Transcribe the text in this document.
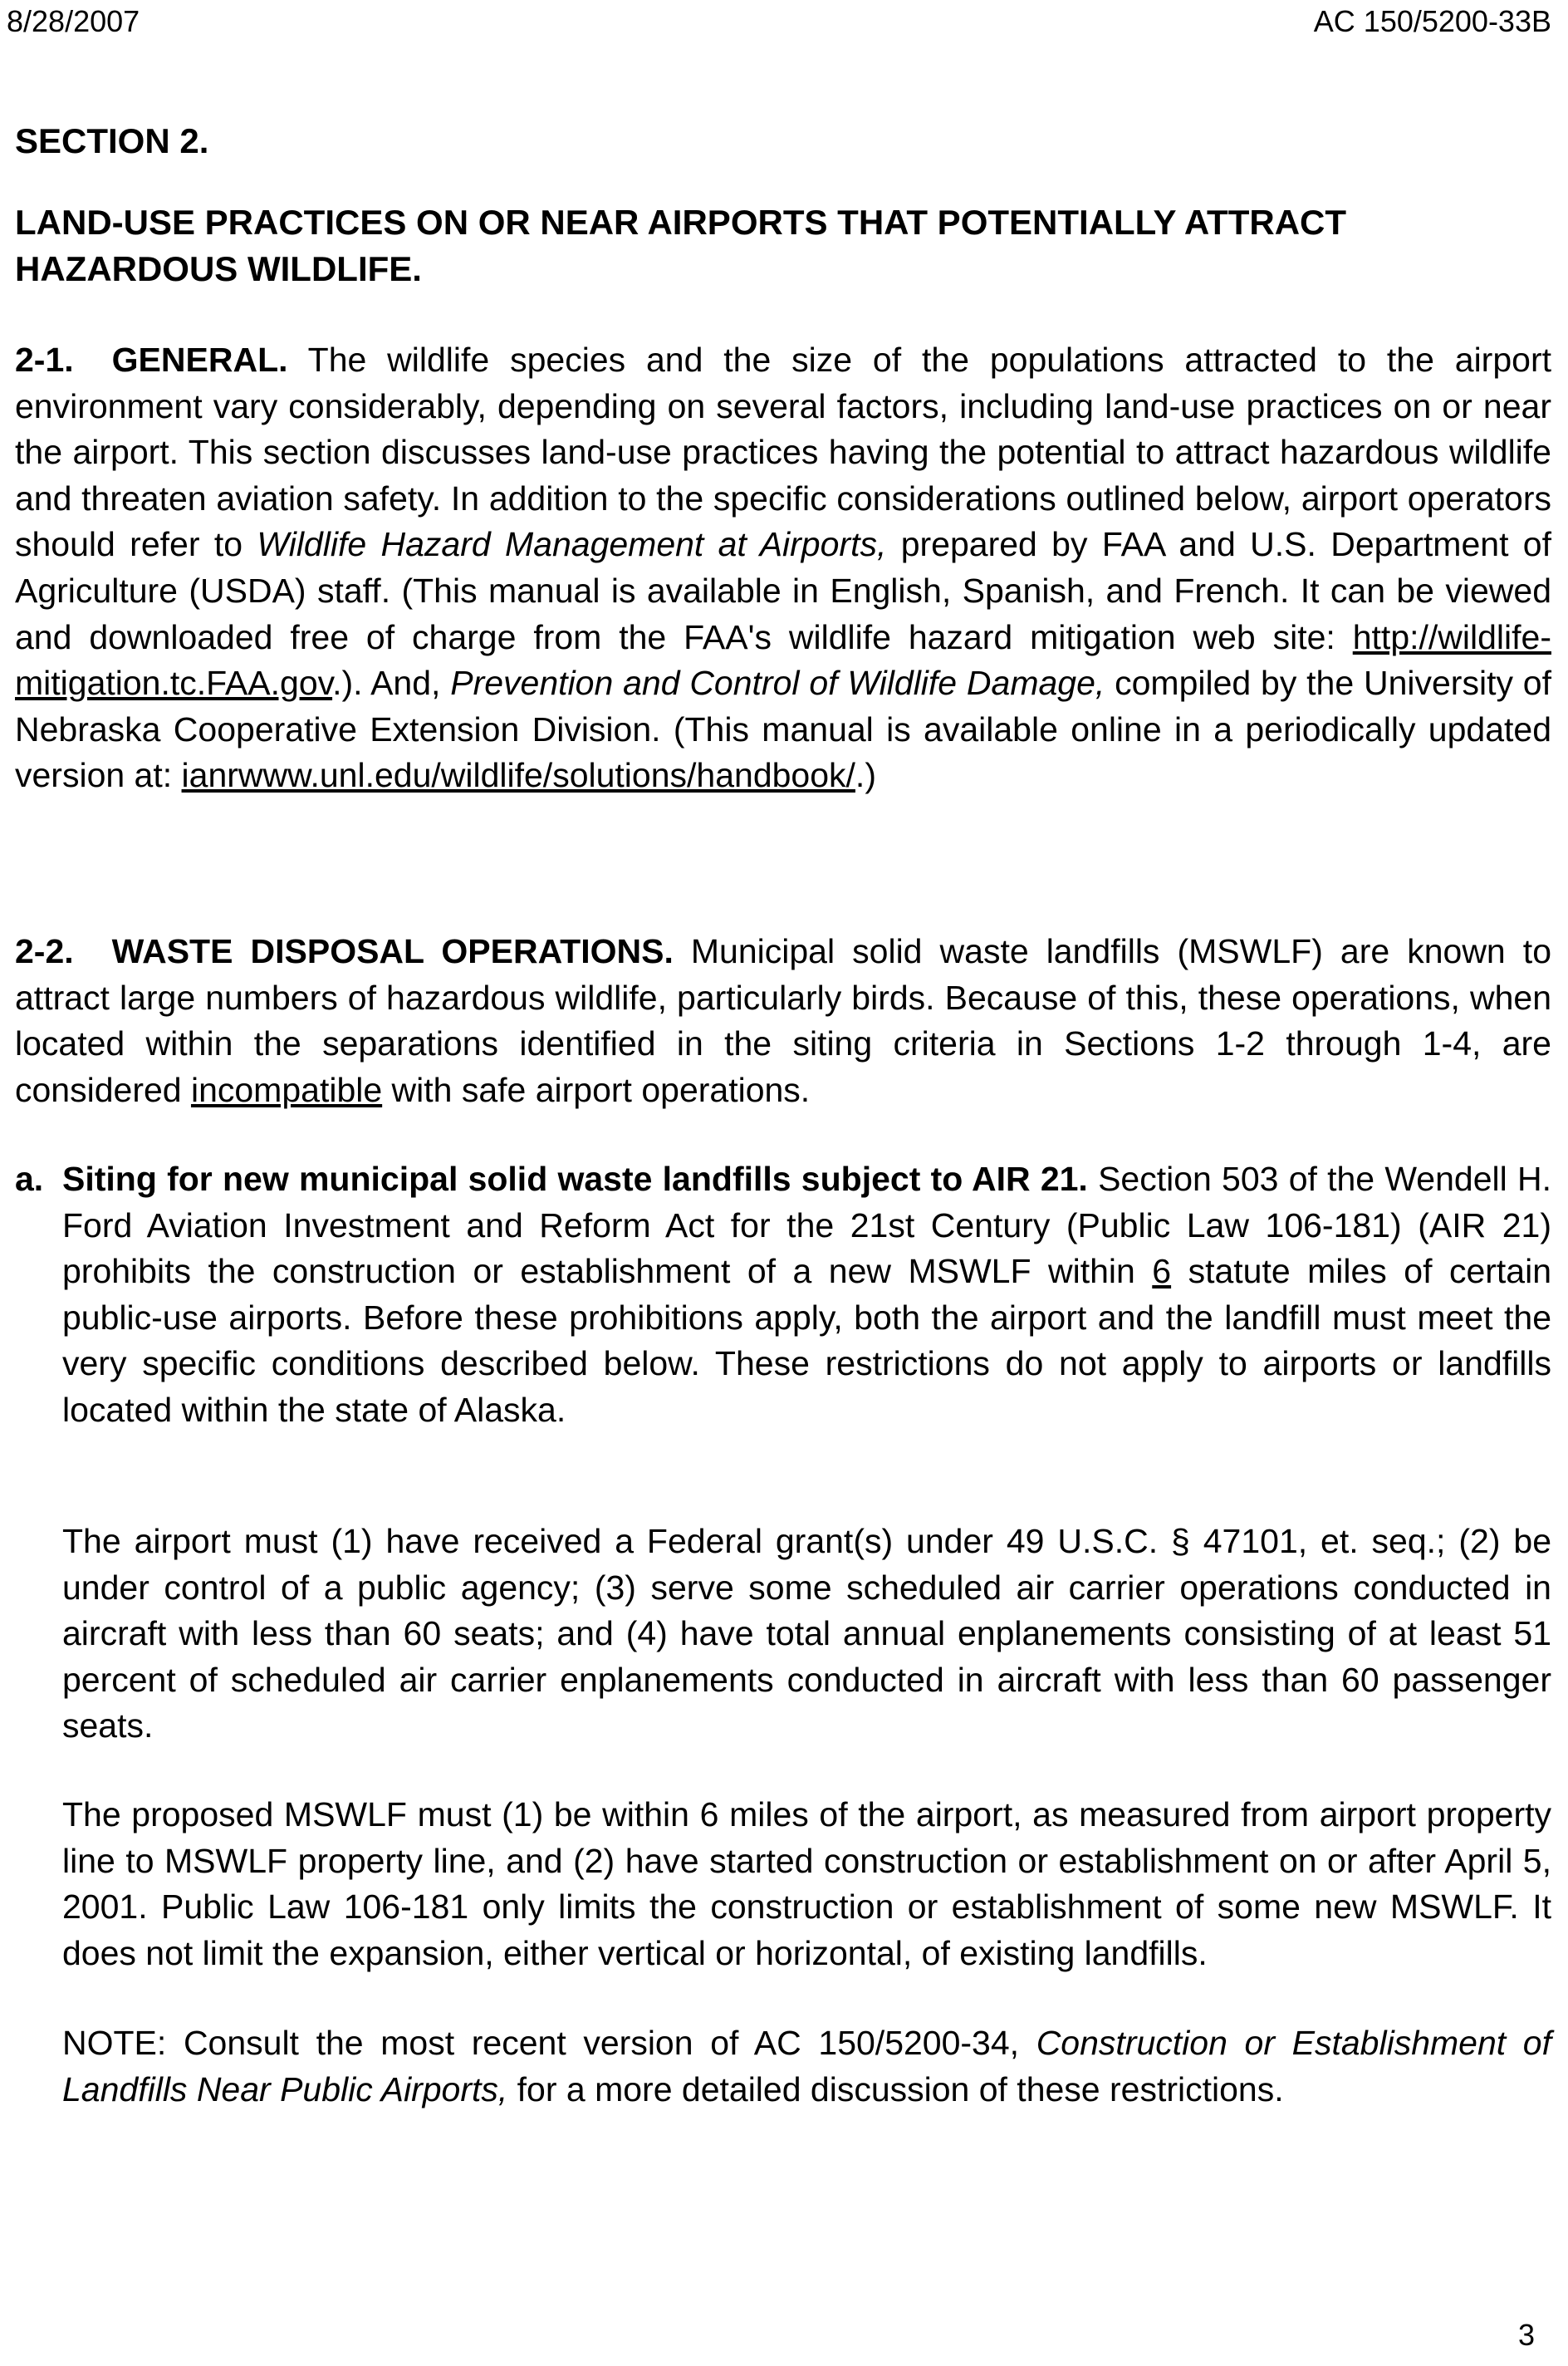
8/28/2007	AC 150/5200-33B
SECTION 2.
LAND-USE PRACTICES ON OR NEAR AIRPORTS THAT POTENTIALLY ATTRACT HAZARDOUS WILDLIFE.
2-1. GENERAL. The wildlife species and the size of the populations attracted to the airport environment vary considerably, depending on several factors, including land-use practices on or near the airport. This section discusses land-use practices having the potential to attract hazardous wildlife and threaten aviation safety. In addition to the specific considerations outlined below, airport operators should refer to Wildlife Hazard Management at Airports, prepared by FAA and U.S. Department of Agriculture (USDA) staff. (This manual is available in English, Spanish, and French. It can be viewed and downloaded free of charge from the FAA's wildlife hazard mitigation web site: http://wildlife-mitigation.tc.FAA.gov.). And, Prevention and Control of Wildlife Damage, compiled by the University of Nebraska Cooperative Extension Division. (This manual is available online in a periodically updated version at: ianrwww.unl.edu/wildlife/solutions/handbook/.)
2-2. WASTE DISPOSAL OPERATIONS. Municipal solid waste landfills (MSWLF) are known to attract large numbers of hazardous wildlife, particularly birds. Because of this, these operations, when located within the separations identified in the siting criteria in Sections 1-2 through 1-4, are considered incompatible with safe airport operations.
a. Siting for new municipal solid waste landfills subject to AIR 21. Section 503 of the Wendell H. Ford Aviation Investment and Reform Act for the 21st Century (Public Law 106-181) (AIR 21) prohibits the construction or establishment of a new MSWLF within 6 statute miles of certain public-use airports. Before these prohibitions apply, both the airport and the landfill must meet the very specific conditions described below. These restrictions do not apply to airports or landfills located within the state of Alaska.
The airport must (1) have received a Federal grant(s) under 49 U.S.C. § 47101, et. seq.; (2) be under control of a public agency; (3) serve some scheduled air carrier operations conducted in aircraft with less than 60 seats; and (4) have total annual enplanements consisting of at least 51 percent of scheduled air carrier enplanements conducted in aircraft with less than 60 passenger seats.
The proposed MSWLF must (1) be within 6 miles of the airport, as measured from airport property line to MSWLF property line, and (2) have started construction or establishment on or after April 5, 2001. Public Law 106-181 only limits the construction or establishment of some new MSWLF. It does not limit the expansion, either vertical or horizontal, of existing landfills.
NOTE: Consult the most recent version of AC 150/5200-34, Construction or Establishment of Landfills Near Public Airports, for a more detailed discussion of these restrictions.
3
